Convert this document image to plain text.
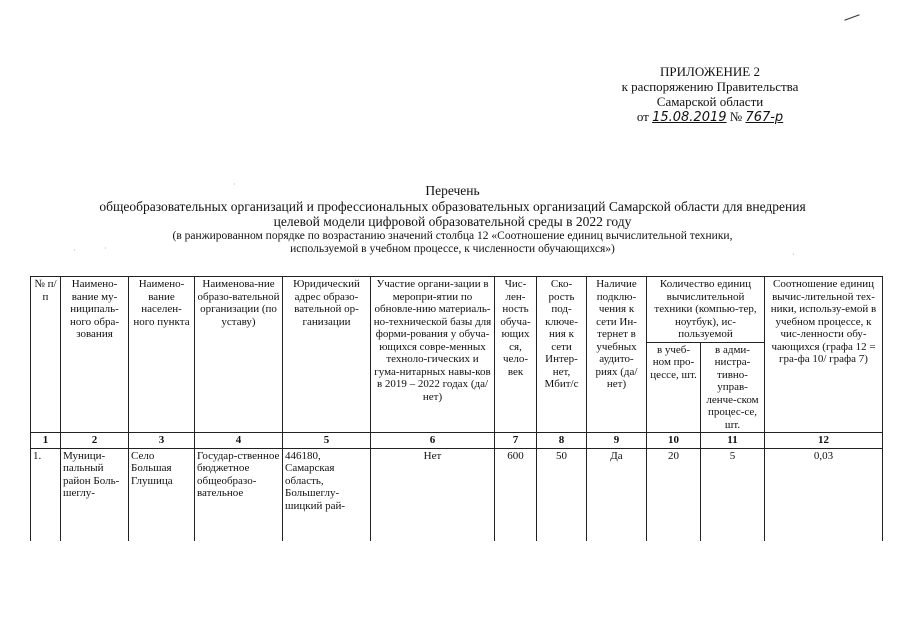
ПРИЛОЖЕНИЕ 2
к распоряжению Правительства
Самарской области
от 15.08.2019 № 767-р
Перечень
общеобразовательных организаций и профессиональных образовательных организаций Самарской области для внедрения
целевой модели цифровой образовательной среды в 2022 году
(в ранжированном порядке по возрастанию значений столбца 12 «Соотношение единиц вычислительной техники,
используемой в учебном процессе, к численности обучающихся»)
№ п/п	Наимено-вание му-ниципаль-ного обра-зования	Наимено-вание населен-ного пункта	Наименова-ние образо-вательной организации (по уставу)	Юридический адрес образо-вательной ор-ганизации	Участие органи-зации в меропри-ятии по обновле-нию материаль-но-технической базы для форми-рования у обуча-ющихся совре-менных техноло-гических и гума-нитарных навы-ков в 2019 – 2022 годах (да/нет)	Чис-лен-ность обуча-ющих ся, чело-век	Ско-рость под-ключе-ния к сети Интер-нет, Мбит/с	Наличие подклю-чения к сети Ин-тернет в учебных аудито-риях (да/нет)	Количество единиц вычислительной техники (компью-тер, ноутбук), ис-пользуемой		Соотношение единиц вычис-лительной тех-ники, использу-емой в учебном процессе, к чис-ленности обу-чающихся (графа 12 = гра-фа 10/ графа 7)
									в учеб-ном про-цессе, шт.	в адми-нистра-тивно-управ-ленче-ском процес-се, шт.	
1	2	3	4	5	6	7	8	9	10	11	12
1.	Муници-пальный район Боль-шеглу-	Село Большая Глушица	Государ-ственное бюджетное общеобразо-вательное	446180, Самарская область, Большеглу-шицкий рай-	Нет	600	50	Да	20	5	0,03
·
·
·
·
